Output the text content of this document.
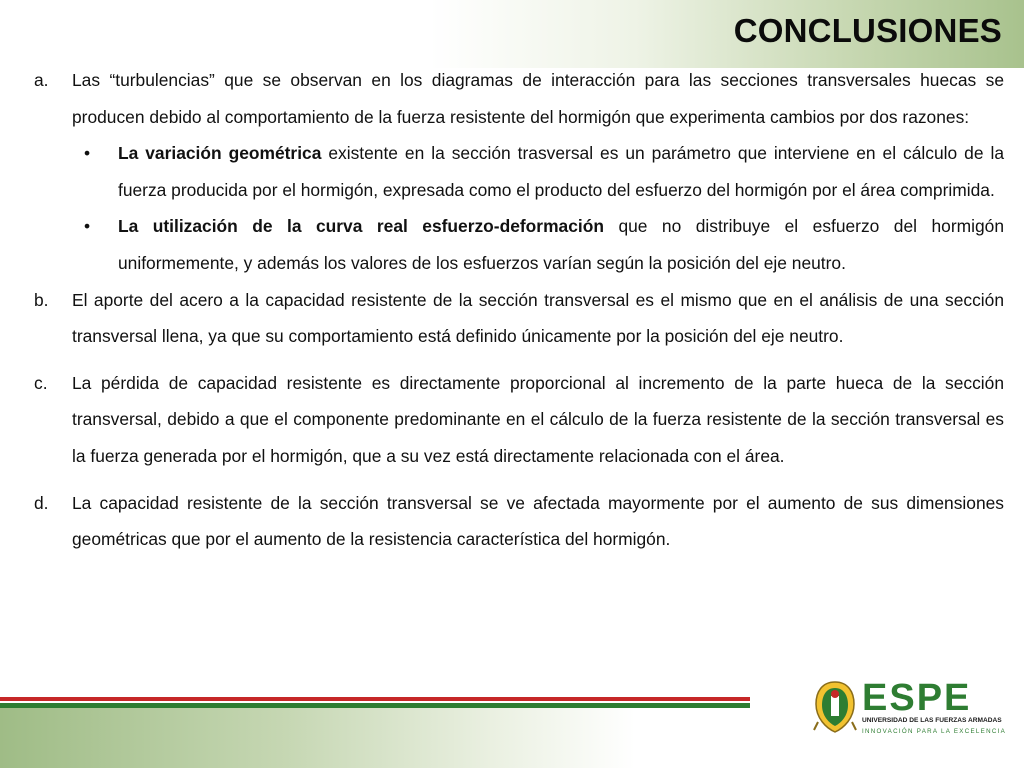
CONCLUSIONES
a. Las “turbulencias” que se observan en los diagramas de interacción para las secciones transversales huecas se producen debido al comportamiento de la fuerza resistente del hormigón que experimenta cambios por dos razones:
• La variación geométrica existente en la sección trasversal es un parámetro que interviene en el cálculo de la fuerza producida por el hormigón, expresada como el producto del esfuerzo del hormigón por el área comprimida.
• La utilización de la curva real esfuerzo-deformación que no distribuye el esfuerzo del hormigón uniformemente, y además los valores de los esfuerzos varían según la posición del eje neutro.
b. El aporte del acero a la capacidad resistente de la sección transversal es el mismo que en el análisis de una sección transversal llena, ya que su comportamiento está definido únicamente por la posición del eje neutro.
c. La pérdida de capacidad resistente es directamente proporcional al incremento de la parte hueca de la sección transversal, debido a que el componente predominante en el cálculo de la fuerza resistente de la sección transversal es la fuerza generada por el hormigón, que a su vez está directamente relacionada con el área.
d. La capacidad resistente de la sección transversal se ve afectada mayormente por el aumento de sus dimensiones geométricas que por el aumento de la resistencia característica del hormigón.
ESPE
UNIVERSIDAD DE LAS FUERZAS ARMADAS
INNOVACIÓN PARA LA EXCELENCIA
